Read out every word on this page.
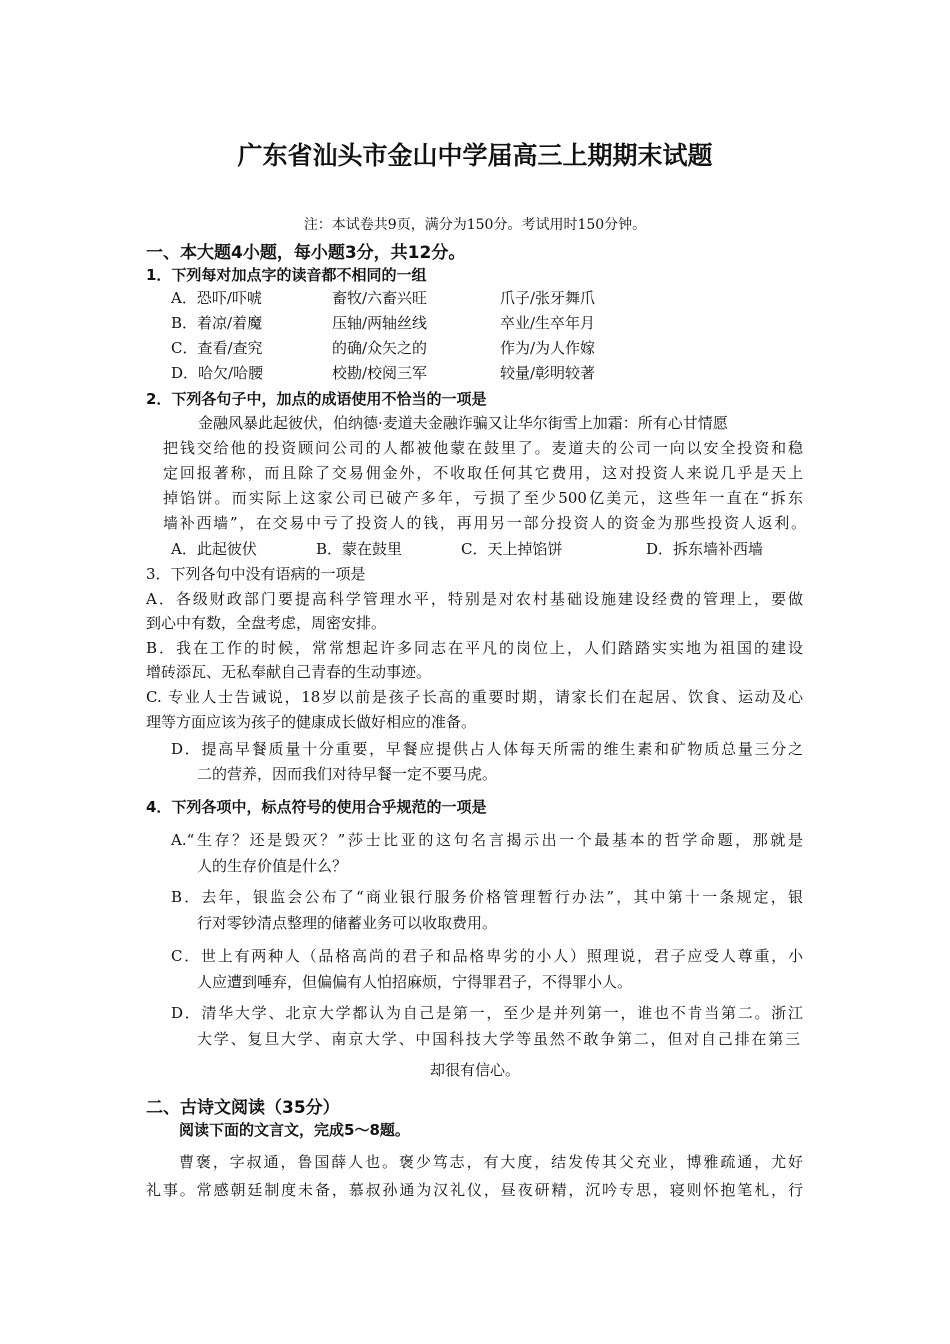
广东省汕头市金山中学届高三上期期末试题
注：本试卷共9页，满分为150分。考试用时150分钟。
一、本大题4小题，每小题3分，共12分。
1．下列每对加点字的读音都不相同的一组
A．恐吓/吓唬	畜牧/六畜兴旺	爪子/张牙舞爪
B．着凉/着魔	压轴/两轴丝线	卒业/生卒年月
C．查看/查究	的确/众矢之的	作为/为人作嫁
D．哈欠/哈腰	校勘/校阅三军	较量/彰明较著
2．下列各句子中，加点的成语使用不恰当的一项是
金融风暴此起彼伏，伯纳德·麦道夫金融诈骗又让华尔街雪上加霜：所有心甘情愿
把钱交给他的投资顾问公司的人都被他蒙在鼓里了。麦道夫的公司一向以安全投资和稳
定回报著称，而且除了交易佣金外，不收取任何其它费用，这对投资人来说几乎是天上
掉馅饼。而实际上这家公司已破产多年，亏损了至少500亿美元，这些年一直在“拆东
墙补西墙”，在交易中亏了投资人的钱，再用另一部分投资人的资金为那些投资人返利。
A．此起彼伏	B．蒙在鼓里	C．天上掉馅饼	D．拆东墙补西墙
3．下列各句中没有语病的一项是
A．各级财政部门要提高科学管理水平，特别是对农村基础设施建设经费的管理上，要做
到心中有数，全盘考虑，周密安排。
B．我在工作的时候，常常想起许多同志在平凡的岗位上，人们踏踏实实地为祖国的建设
增砖添瓦、无私奉献自己青春的生动事迹。
C. 专业人士告诫说，18岁以前是孩子长高的重要时期，请家长们在起居、饮食、运动及心
理等方面应该为孩子的健康成长做好相应的准备。
D．提高早餐质量十分重要，早餐应提供占人体每天所需的维生素和矿物质总量三分之
二的营养，因而我们对待早餐一定不要马虎。
4．下列各项中，标点符号的使用合乎规范的一项是
A.“生存？还是毁灭？”莎士比亚的这句名言揭示出一个最基本的哲学命题，那就是
人的生存价值是什么？
B．去年，银监会公布了“商业银行服务价格管理暂行办法”，其中第十一条规定，银
行对零钞清点整理的储蓄业务可以收取费用。
C．世上有两种人（品格高尚的君子和品格卑劣的小人）照理说，君子应受人尊重，小
人应遭到唾弃，但偏偏有人怕招麻烦，宁得罪君子，不得罪小人。
D．清华大学、北京大学都认为自己是第一，至少是并列第一，谁也不肯当第二。浙江
大学、复旦大学、南京大学、中国科技大学等虽然不敢争第二，但对自己排在第三
却很有信心。
二、古诗文阅读（35分）
阅读下面的文言文，完成5～8题。
曹褒，字叔通，鲁国薛人也。褒少笃志，有大度，结发传其父充业，博雅疏通，尤好
礼事。常感朝廷制度未备，慕叔孙通为汉礼仪，昼夜研精，沉吟专思，寝则怀抱笔札，行
